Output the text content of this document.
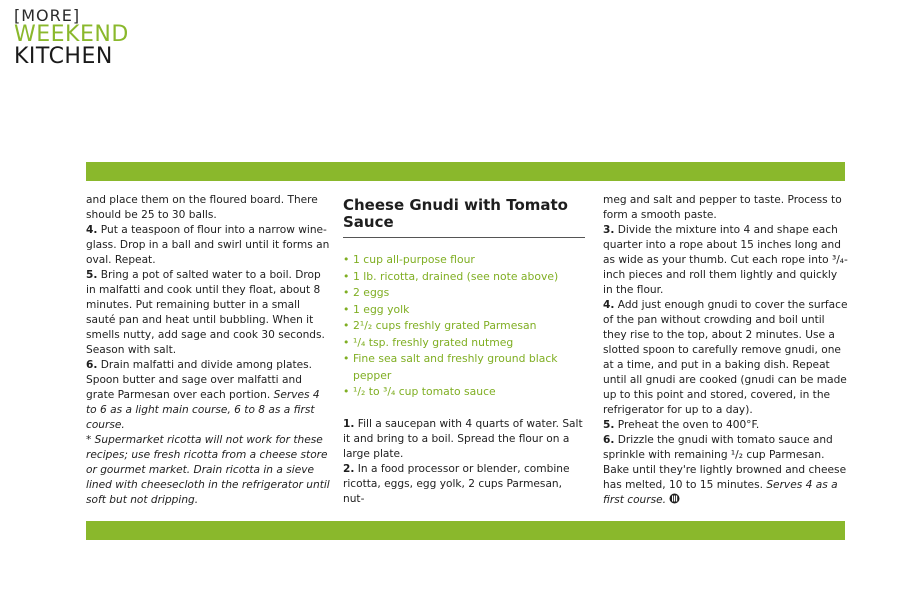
[MORE]
WEEKEND
KITCHEN

and place them on the floured board. There should be 25 to 30 balls.

4. Put a teaspoon of flour into a narrow wine-glass. Drop in a ball and swirl until it forms an oval. Repeat.

5. Bring a pot of salted water to a boil. Drop in malfatti and cook until they float, about 8 minutes. Put remaining butter in a small sauté pan and heat until bubbling. When it smells nutty, add sage and cook 30 seconds. Season with salt.

6. Drain malfatti and divide among plates. Spoon butter and sage over malfatti and grate Parmesan over each portion. Serves 4 to 6 as a light main course, 6 to 8 as a first course.

* Supermarket ricotta will not work for these recipes; use fresh ricotta from a cheese store or gourmet market. Drain ricotta in a sieve lined with cheesecloth in the refrigerator until soft but not dripping.

Cheese Gnudi with Tomato Sauce
• 1 cup all-purpose flour
• 1 lb. ricotta, drained (see note above)
• 2 eggs
• 1 egg yolk
• 2¹/₂ cups freshly grated Parmesan
• ¹/₄ tsp. freshly grated nutmeg
• Fine sea salt and freshly ground black pepper
• ¹/₂ to ³/₄ cup tomato sauce

1. Fill a saucepan with 4 quarts of water. Salt it and bring to a boil. Spread the flour on a large plate.

2. In a food processor or blender, combine ricotta, eggs, egg yolk, 2 cups Parmesan, nut-

meg and salt and pepper to taste. Process to form a smooth paste.

3. Divide the mixture into 4 and shape each quarter into a rope about 15 inches long and as wide as your thumb. Cut each rope into ³/₄-inch pieces and roll them lightly and quickly in the flour.

4. Add just enough gnudi to cover the surface of the pan without crowding and boil until they rise to the top, about 2 minutes. Use a slotted spoon to carefully remove gnudi, one at a time, and put in a baking dish. Repeat until all gnudi are cooked (gnudi can be made up to this point and stored, covered, in the refrigerator for up to a day).

5. Preheat the oven to 400°F.

6. Drizzle the gnudi with tomato sauce and sprinkle with remaining ¹/₂ cup Parmesan. Bake until they're lightly browned and cheese has melted, 10 to 15 minutes. Serves 4 as a first course.
